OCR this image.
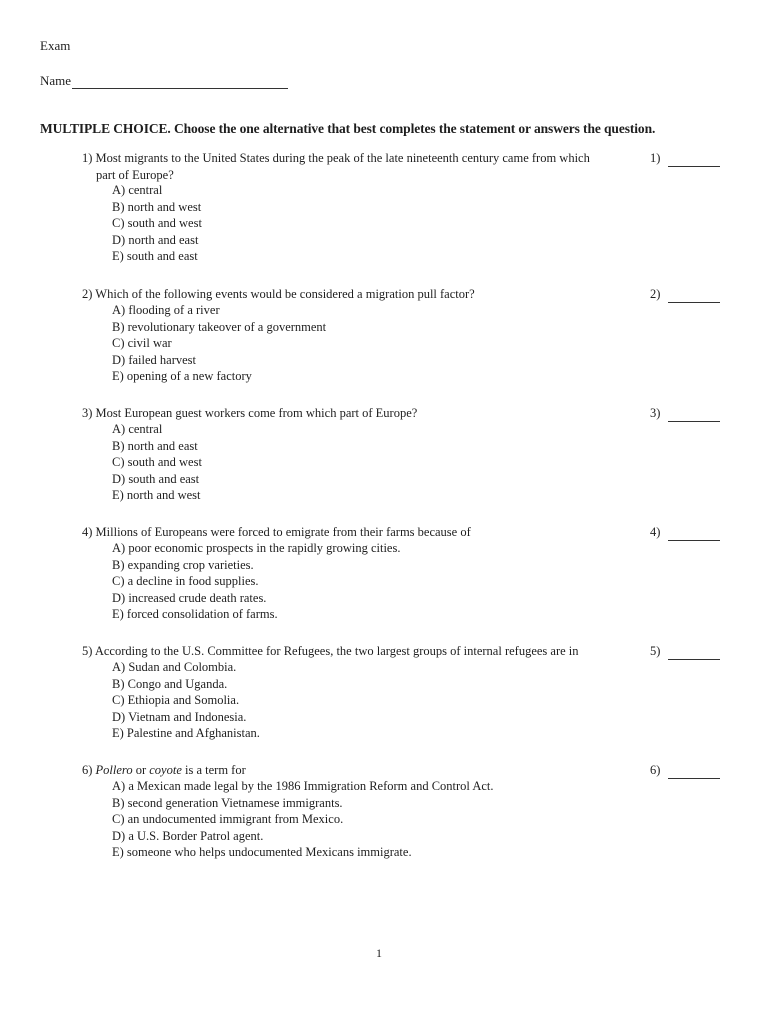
Exam
Name
MULTIPLE CHOICE. Choose the one alternative that best completes the statement or answers the question.
1) Most migrants to the United States during the peak of the late nineteenth century came from which
part of Europe?
A) central
B) north and west
C) south and west
D) north and east
E) south and east
1)
2) Which of the following events would be considered a migration pull factor?
A) flooding of a river
B) revolutionary takeover of a government
C) civil war
D) failed harvest
E) opening of a new factory
2)
3) Most European guest workers come from which part of Europe?
A) central
B) north and east
C) south and west
D) south and east
E) north and west
3)
4) Millions of Europeans were forced to emigrate from their farms because of
A) poor economic prospects in the rapidly growing cities.
B) expanding crop varieties.
C) a decline in food supplies.
D) increased crude death rates.
E) forced consolidation of farms.
4)
5) According to the U.S. Committee for Refugees, the two largest groups of internal refugees are in
A) Sudan and Colombia.
B) Congo and Uganda.
C) Ethiopia and Somolia.
D) Vietnam and Indonesia.
E) Palestine and Afghanistan.
5)
6) Pollero or coyote is a term for
A) a Mexican made legal by the 1986 Immigration Reform and Control Act.
B) second generation Vietnamese immigrants.
C) an undocumented immigrant from Mexico.
D) a U.S. Border Patrol agent.
E) someone who helps undocumented Mexicans immigrate.
6)
1
